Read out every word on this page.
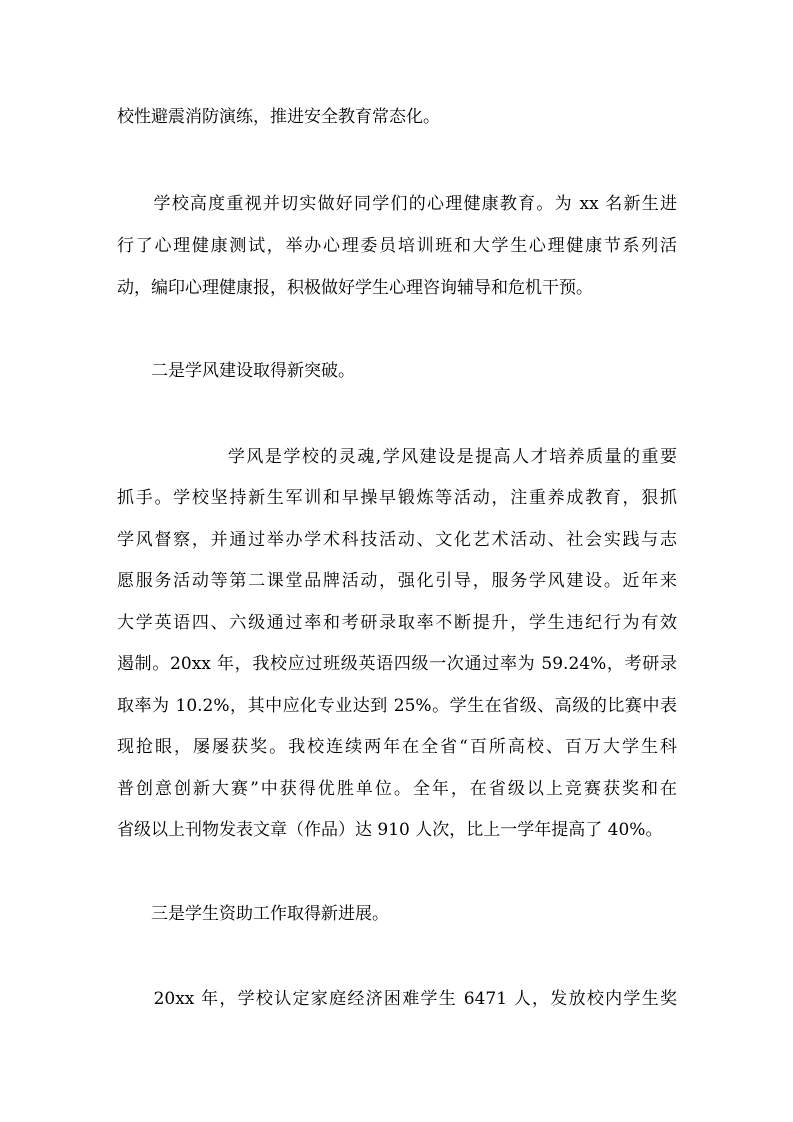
校性避震消防演练，推进安全教育常态化。
　　学校高度重视并切实做好同学们的心理健康教育。为 xx 名新生进
行了心理健康测试，举办心理委员培训班和大学生心理健康节系列活
动，编印心理健康报，积极做好学生心理咨询辅导和危机干预。
　　二是学风建设取得新突破。
　　　　　　学风是学校的灵魂,学风建设是提高人才培养质量的重要
抓手。学校坚持新生军训和早操早锻炼等活动，注重养成教育，狠抓
学风督察，并通过举办学术科技活动、文化艺术活动、社会实践与志
愿服务活动等第二课堂品牌活动，强化引导，服务学风建设。近年来
大学英语四、六级通过率和考研录取率不断提升，学生违纪行为有效
遏制。20xx 年，我校应过班级英语四级一次通过率为 59.24%，考研录
取率为 10.2%，其中应化专业达到 25%。学生在省级、高级的比赛中表
现抢眼，屡屡获奖。我校连续两年在全省“百所高校、百万大学生科
普创意创新大赛”中获得优胜单位。全年，在省级以上竞赛获奖和在
省级以上刊物发表文章（作品）达 910 人次，比上一学年提高了 40%。
　　三是学生资助工作取得新进展。
　　20xx 年，学校认定家庭经济困难学生 6471 人，发放校内学生奖
